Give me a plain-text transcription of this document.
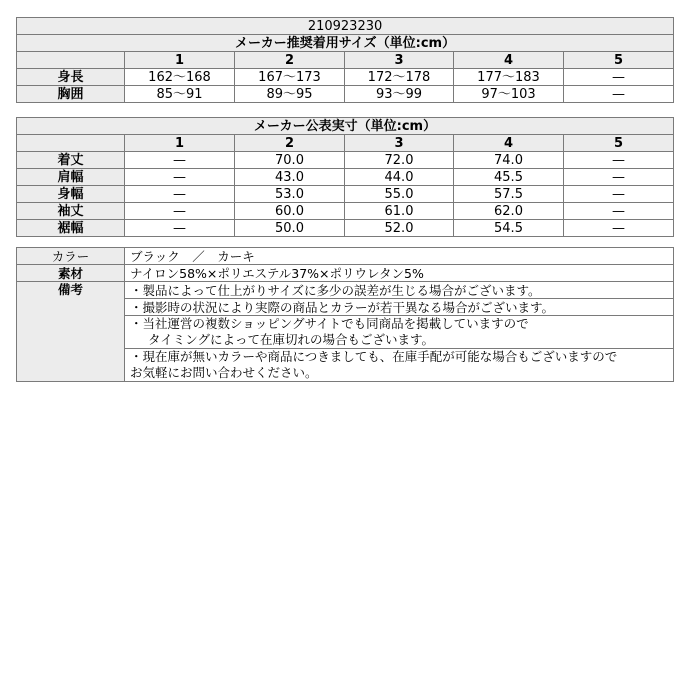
210923230					
メーカー推奨着用サイズ（単位:cm）					
	1	2	3	4	5
身長	162〜168	167〜173	172〜178	177〜183	—
胸囲	85〜91	89〜95	93〜99	97〜103	—
メーカー公表実寸（単位:cm）					
	1	2	3	4	5
着丈	—	70.0	72.0	74.0	—
肩幅	—	43.0	44.0	45.5	—
身幅	—	53.0	55.0	57.5	—
袖丈	—	60.0	61.0	62.0	—
裾幅	—	50.0	52.0	54.5	—
カラー	ブラック　／　カーキ
素材	ナイロン58%×ポリエステル37%×ポリウレタン5%
備考	・製品によって仕上がりサイズに多少の誤差が生じる場合がございます。
	・撮影時の状況により実際の商品とカラーが若干異なる場合がございます。

	・当社運営の複数ショッピングサイトでも同商品を掲載していますので
タイミングによって在庫切れの場合もございます。

	・現在庫が無いカラーや商品につきましても、在庫手配が可能な場合もございますので
お気軽にお問い合わせください。
